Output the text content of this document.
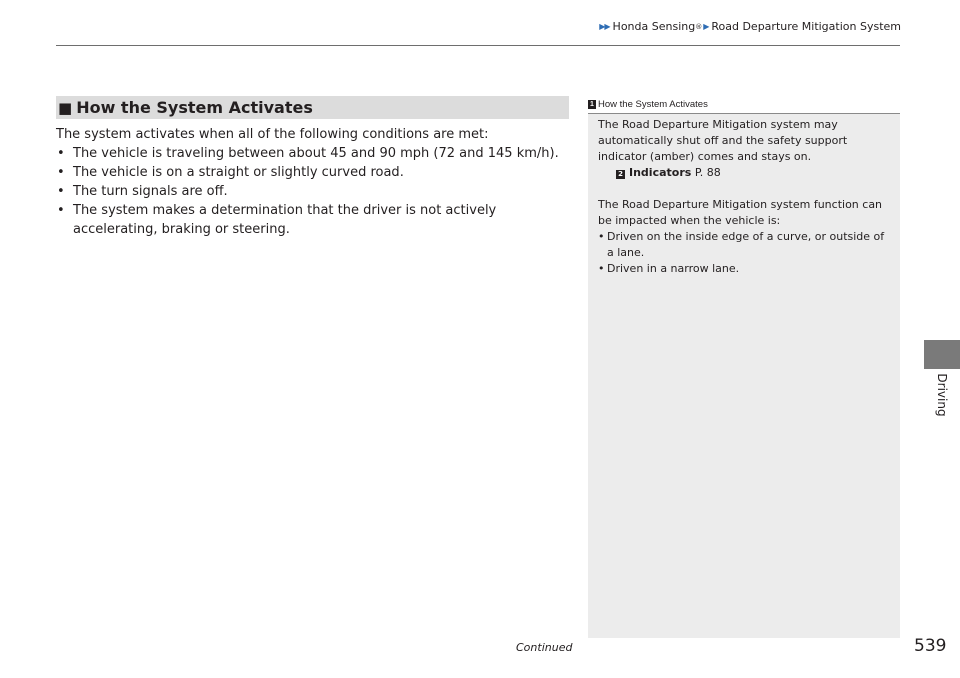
▶▶ Honda Sensing ® ▶ Road Departure Mitigation System
■ How the System Activates

The system activates when all of the following conditions are met:

• The vehicle is traveling between about 45 and 90 mph (72 and 145 km/h).
• The vehicle is on a straight or slightly curved road.
• The turn signals are off.
• The system makes a determination that the driver is not actively accelerating, braking or steering.
1 How the System Activates

The Road Departure Mitigation system may automatically shut off and the safety support indicator (amber) comes and stays on.

2 Indicators P. 88

The Road Departure Mitigation system function can be impacted when the vehicle is:

• Driven on the inside edge of a curve, or outside of a lane.
• Driven in a narrow lane.
Driving
Continued	539
